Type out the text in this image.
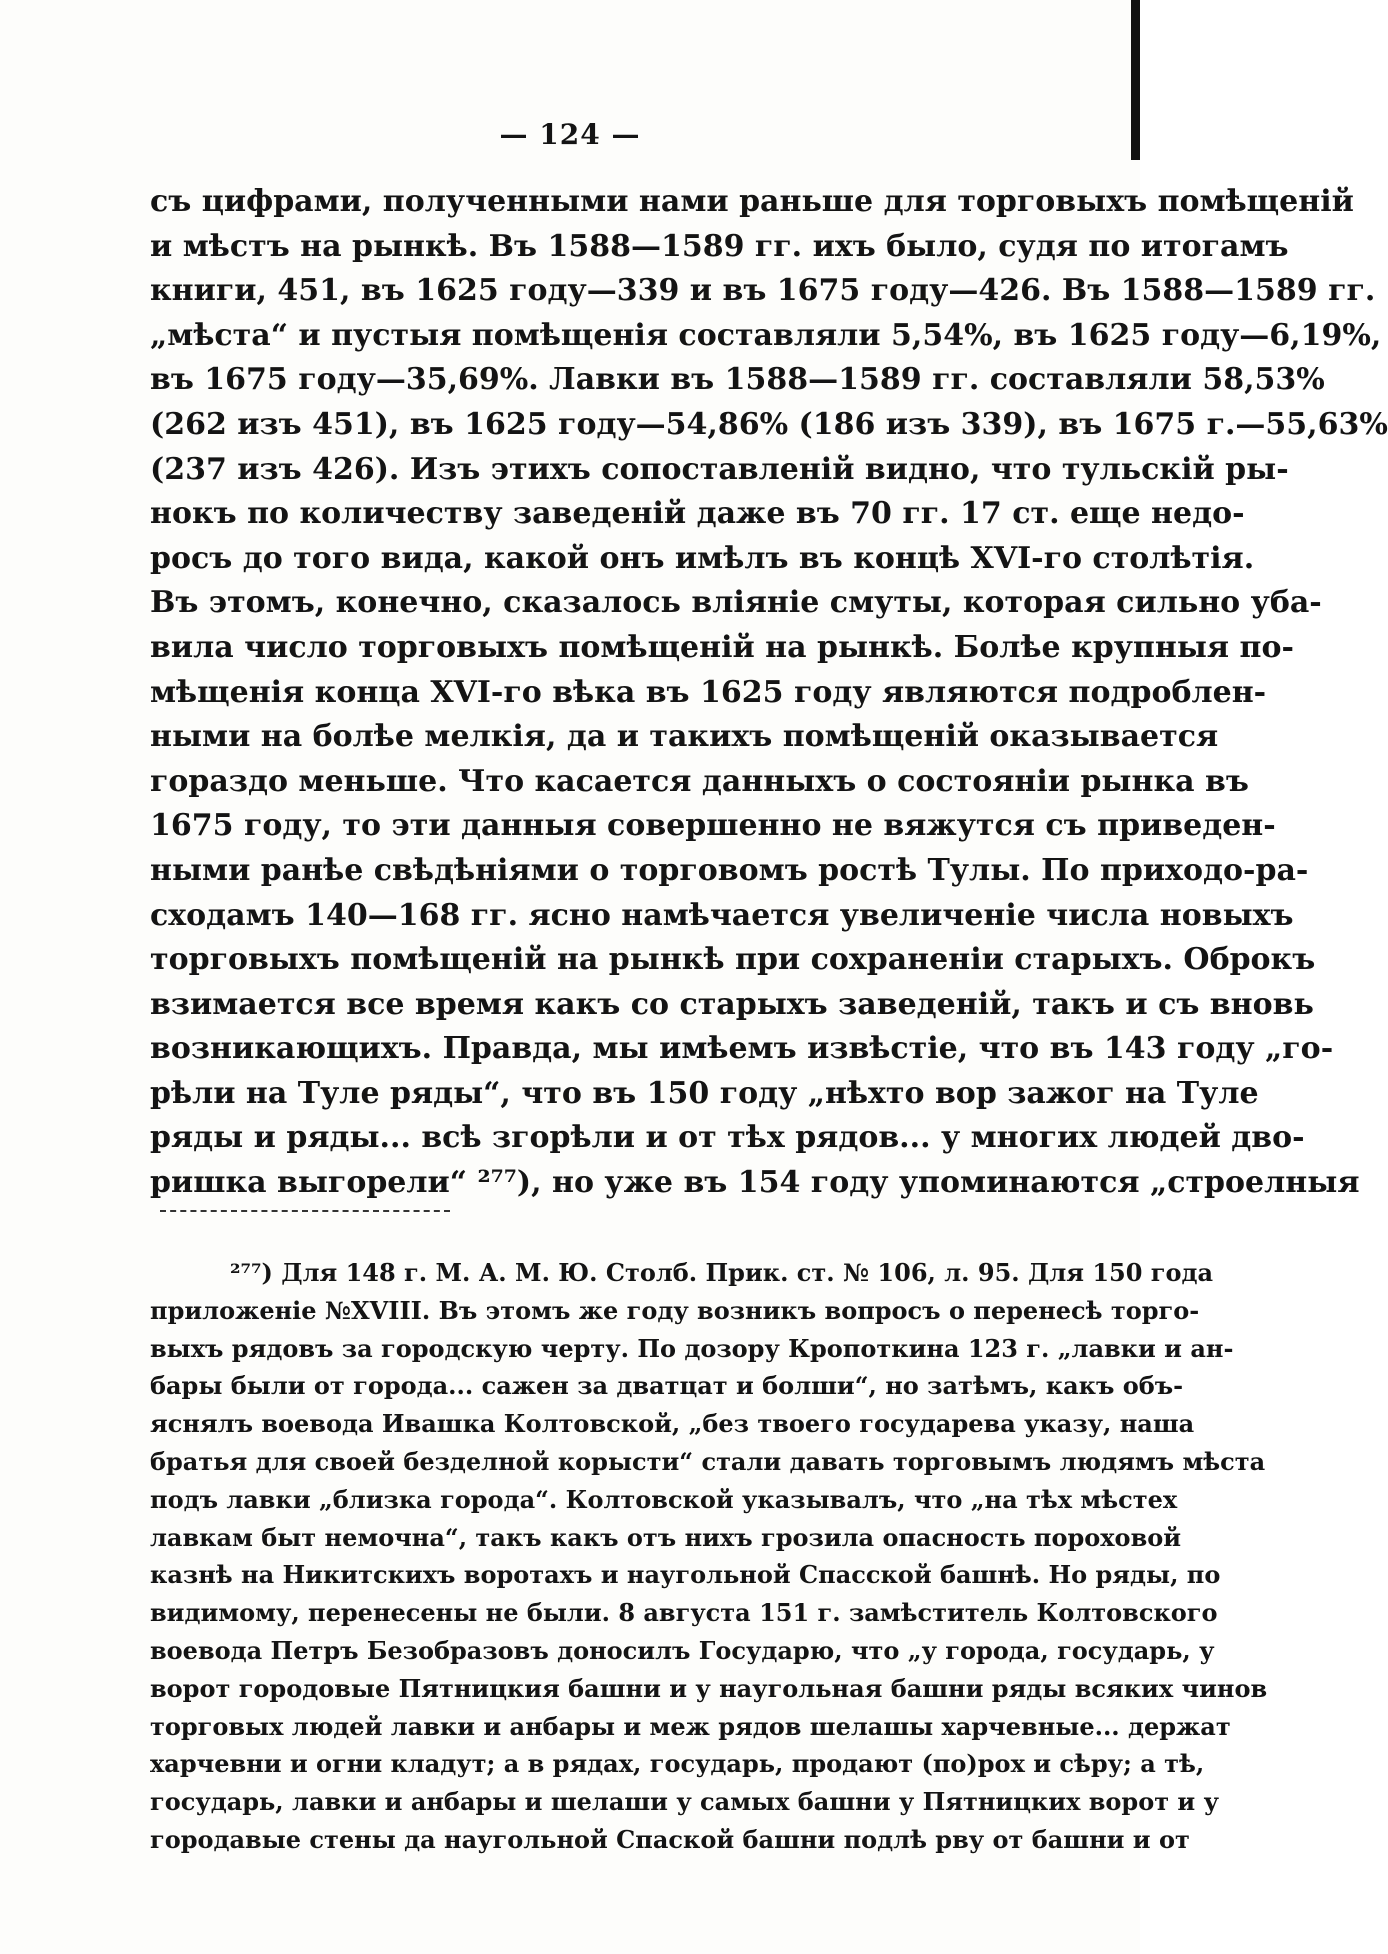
— 124 —
съ цифрами, полученными нами раньше для торговыхъ помѣщеній
и мѣстъ на рынкѣ. Въ 1588—1589 гг. ихъ было, судя по итогамъ
книги, 451, въ 1625 году—339 и въ 1675 году—426. Въ 1588—1589 гг.
„мѣста“ и пустыя помѣщенія составляли 5,54%, въ 1625 году—6,19%,
въ 1675 году—35,69%. Лавки въ 1588—1589 гг. составляли 58,53%
(262 изъ 451), въ 1625 году—54,86% (186 изъ 339), въ 1675 г.—55,63%
(237 изъ 426). Изъ этихъ сопоставленій видно, что тульскій ры-
нокъ по количеству заведеній даже въ 70 гг. 17 ст. еще недо-
росъ до того вида, какой онъ имѣлъ въ концѣ XVI-го столѣтія.
Въ этомъ, конечно, сказалось вліяніе смуты, которая сильно убa-
вила число торговыхъ помѣщеній на рынкѣ. Болѣе крупныя по-
мѣщенія конца XVI-го вѣка въ 1625 году являются подроблен-
ными на болѣе мелкія, да и такихъ помѣщеній оказывается
гораздо меньше. Что касается данныхъ о состояніи рынка въ
1675 году, то эти данныя совершенно не вяжутся съ приведен-
ными ранѣе свѣдѣніями о торговомъ ростѣ Тулы. По приходо-ра-
сходамъ 140—168 гг. ясно намѣчается увеличеніе числа новыхъ
торговыхъ помѣщеній на рынкѣ при сохраненіи старыхъ. Оброкъ
взимается все время какъ со старыхъ заведеній, такъ и съ вновь
возникающихъ. Правда, мы имѣемъ извѣстіе, что въ 143 году „го-
рѣли на Туле ряды“, что въ 150 году „нѣхто вор зажог на Туле
ряды и ряды... всѣ згорѣли и от тѣх рядов... у многих людей дво-
ришка выгорели“ ²⁷⁷), но уже въ 154 году упоминаются „строелныя
²⁷⁷) Для 148 г. М. А. М. Ю. Столб. Прик. ст. № 106, л. 95. Для 150 года
приложеніе №XVIII. Въ этомъ же году возникъ вопросъ о перенесѣ торго-
выхъ рядовъ за городскую черту. По дозору Кропоткина 123 г. „лавки и ан-
бары были от города... сажен за дватцат и болши“, но затѣмъ, какъ объ-
яснялъ воевода Ивашка Колтовской, „без твоего государева указу, наша
братья для своей безделной корысти“ стали давать торговымъ людямъ мѣста
подъ лавки „близка города“. Колтовской указывалъ, что „на тѣх мѣстех
лавкам быт немочна“, такъ какъ отъ нихъ грозила опасность пороховой
казнѣ на Никитскихъ воротахъ и наугольной Спасской башнѣ. Но ряды, по
видимому, перенесены не были. 8 августа 151 г. замѣститель Колтовского
воевода Петръ Безобразовъ доносилъ Государю, что „у города, государь, у
ворот городовые Пятницкия башни и у наугольная башни ряды всяких чинов
торговых людей лавки и анбары и меж рядов шелашы харчевные... держат
харчевни и огни кладут; а в рядах, государь, продают (по)рох и сѣру; а тѣ,
государь, лавки и анбары и шелаши у самых башни у Пятницких ворот и у
городавые стены да наугольной Спаской башни подлѣ рву от башни и от
